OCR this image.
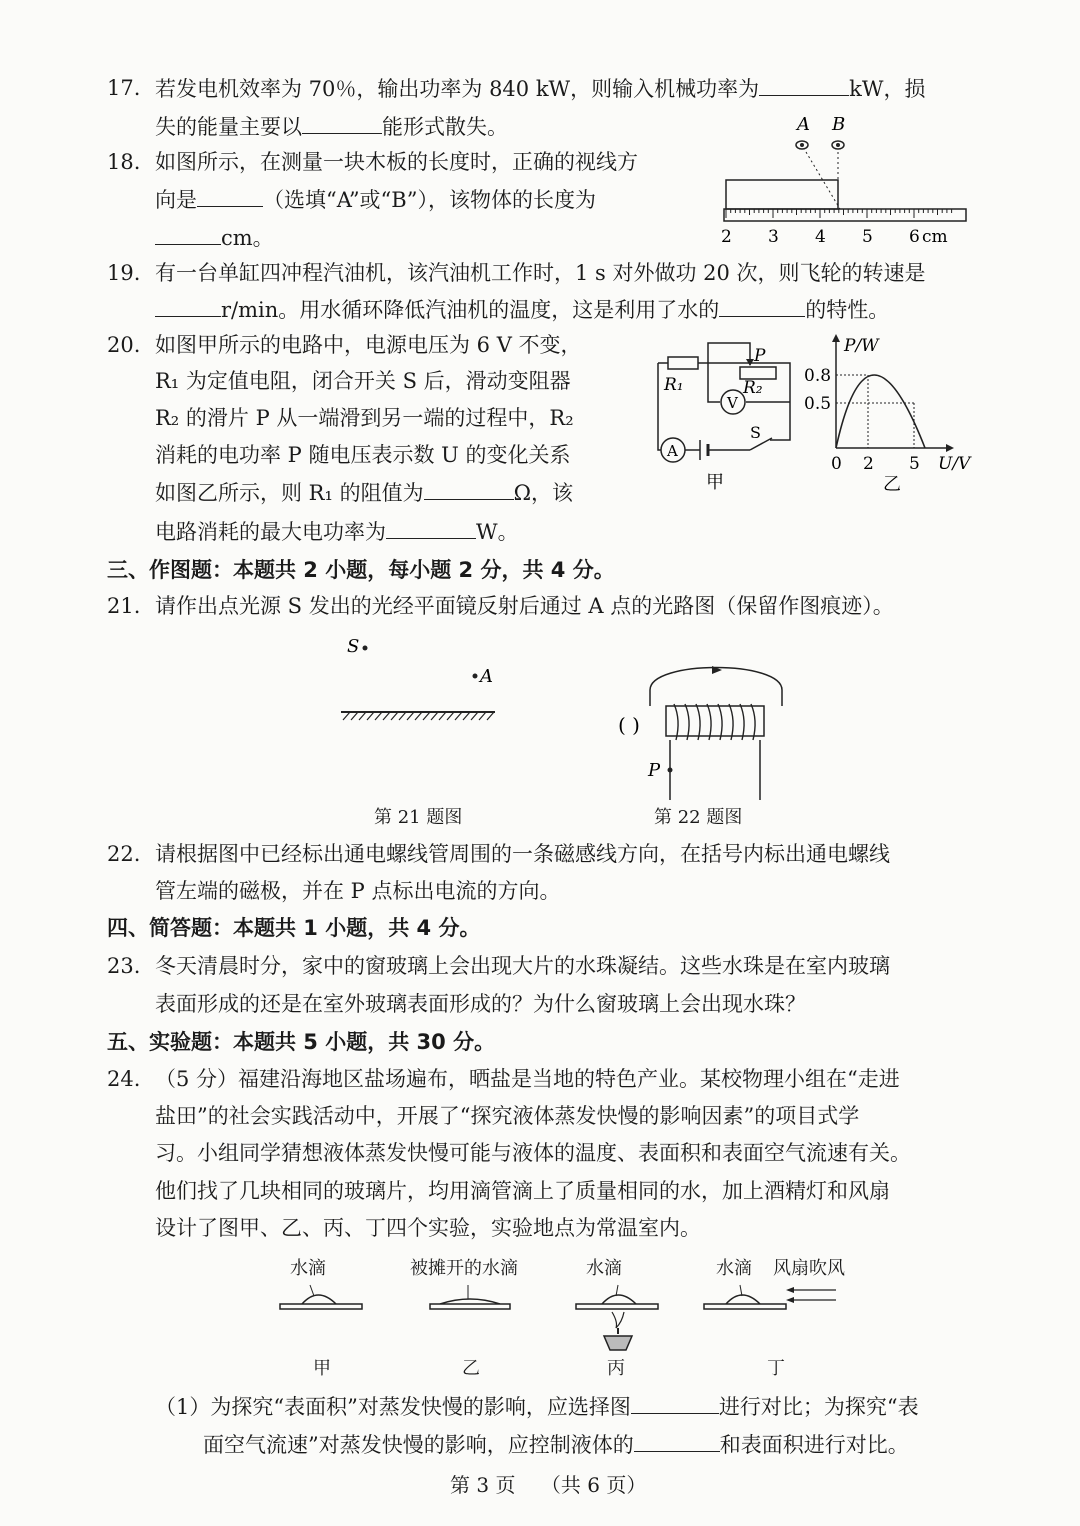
17. 若发电机效率为 70％，输出功率为 840 kW，则输入机械功率为	kW，损
失的能量主要以	能形式散失。
18. 如图所示，在测量一块木板的长度时，正确的视线方
向是	（选填“A”或“B”），该物体的长度为
cm。
A B
2 3 4 5 6 cm
19. 有一台单缸四冲程汽油机，该汽油机工作时，1 s 对外做功 20 次，则飞轮的转速是
r/min。用水循环降低汽油机的温度，这是利用了水的	的特性。
20. 如图甲所示的电路中，电源电压为 6 V 不变，
R₁ 为定值电阻，闭合开关 S 后，滑动变阻器
R₂ 的滑片 P 从一端滑到另一端的过程中，R₂
消耗的电功率 P 随电压表示数 U 的变化关系
如图乙所示，则 R₁ 的阻值为	Ω，该
电路消耗的最大电功率为	W。
R₁	R₂
P
V
A
S
甲
P/W
U/V
0 2 5
0.8
0.5
乙
三、作图题：本题共 2 小题，每小题 2 分，共 4 分。
21. 请作出点光源 S 发出的光经平面镜反射后通过 A 点的光路图（保留作图痕迹）。
S
A
第 21 题图
( )
P
第 22 题图
22. 请根据图中已经标出通电螺线管周围的一条磁感线方向，在括号内标出通电螺线
管左端的磁极，并在 P 点标出电流的方向。
四、简答题：本题共 1 小题，共 4 分。
23. 冬天清晨时分，家中的窗玻璃上会出现大片的水珠凝结。这些水珠是在室内玻璃
表面形成的还是在室外玻璃表面形成的？为什么窗玻璃上会出现水珠？
五、实验题：本题共 5 小题，共 30 分。
24. （5 分）福建沿海地区盐场遍布，晒盐是当地的特色产业。某校物理小组在“走进
盐田”的社会实践活动中，开展了“探究液体蒸发快慢的影响因素”的项目式学
习。小组同学猜想液体蒸发快慢可能与液体的温度、表面积和表面空气流速有关。
他们找了几块相同的玻璃片，均用滴管滴上了质量相同的水，加上酒精灯和风扇
设计了图甲、乙、丙、丁四个实验，实验地点为常温室内。
水滴	被摊开的水滴	水滴	水滴 风扇吹风
甲	乙	丙	丁
（1）为探究“表面积”对蒸发快慢的影响，应选择图	进行对比；为探究“表
面空气流速”对蒸发快慢的影响，应控制液体的	和表面积进行对比。
第 3 页 （共 6 页）
